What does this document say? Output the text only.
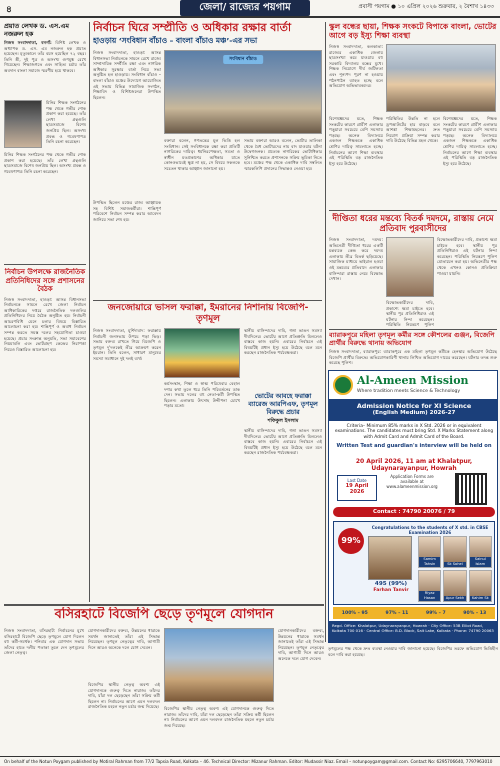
৪	জেলা/ রাজ্যের পয়গাম	প্রবাসী পয়গাম ● ১০ এপ্রিল ২০২৬ শুক্রবার, ২ বৈশাখ ১৪৩৩
প্রয়াত লেখক ড. এস.এম নজরুল হক

নিজস্ব সংবাদদাতা, বনগাঁ: বিশিষ্ট লেখক ও অধ্যাপক ড. এস. এম নজরুল হক প্রয়াত হয়েছেন। মৃত্যুকালে তাঁর বয়স হয়েছিল ৭২ বছর। তিনি স্ত্রী, দুই পুত্র ও অসংখ্য গুণমুগ্ধ রেখে গিয়েছেন। শিক্ষাজগতে এবং সাহিত্য চর্চায় তাঁর অবদান বাংলা সমাজে স্মরণীয় হয়ে থাকবে।

মিনির শিক্ষক সংগঠনের পক্ষ থেকে গভীর শোক প্রকাশ করা হয়েছে। তাঁর লেখা গ্রন্থগুলি ছাত্রসমাজে বিশেষ জনপ্রিয় ছিল। অসংখ্য প্রবন্ধ ও গবেষণাপত্র তিনি রচনা করেছেন।
মিনির শিক্ষক সংগঠনের পক্ষ থেকে গভীর শোক প্রকাশ করা হয়েছে। তাঁর লেখা গ্রন্থগুলি ছাত্রসমাজে বিশেষ জনপ্রিয় ছিল। অসংখ্য প্রবন্ধ ও গবেষণাপত্র তিনি রচনা করেছেন।
নির্বাচন উপলক্ষে রাজনৈতিক প্রতিনিধিদের সঙ্গে প্রশাসনের বৈঠক
নিজস্ব সংবাদদাতা, হাওড়া: আসন্ন বিধানসভা নির্বাচনকে সামনে রেখে জেলা নির্বাচন আধিকারিকের দপ্তরে রাজনৈতিক দলগুলির প্রতিনিধিদের নিয়ে বৈঠক অনুষ্ঠিত হয়। নির্বাচনী আচরণবিধি মেনে চলার বিষয়ে বিস্তারিত আলোচনা করা হয়। শান্তিপূর্ণ ও অবাধ নির্বাচন সম্পন্ন করতে সমস্ত দলের সহযোগিতা চাওয়া হয়েছে। প্রচার সংক্রান্ত অনুমতি, সভা সমাবেশের নিয়মাবলি এবং ভোটগ্রহণ কেন্দ্রের নিরাপত্তা নিয়েও বিস্তারিত আলোচনা হয়।
নির্বাচন ঘিরে সম্প্রীতি ও অধিকার রক্ষার বার্তা
হাওড়ায় ‘সংবিধান বাঁচাও – বাংলা বাঁচাও মঞ্চ’-এর সভা
সংবিধান বাঁচাও
নিজস্ব সংবাদদাতা, হাওড়া: আসন্ন বিধানসভা নির্বাচনকে সামনে রেখে রাজ্যে সাম্প্রদায়িক সম্প্রীতি রক্ষা এবং নাগরিক অধিকার সুরক্ষার বার্তা নিয়ে সভা অনুষ্ঠিত হল হাওড়ায়। সংবিধান বাঁচাও – বাংলা বাঁচাও মঞ্চের উদ্যোগে আয়োজিত এই সভায় বিভিন্ন সামাজিক সংগঠন, শিক্ষাবিদ ও বিশিষ্টজনেরা উপস্থিত ছিলেন।
বক্তারা বলেন, গণতন্ত্রের মূল ভিত্তি হল সংবিধান। সেই সংবিধানকে রক্ষা করা প্রতিটি নাগরিকের দায়িত্ব। ধর্মনিরপেক্ষতা, সমতা ও স্বাধীন মতপ্রকাশের অধিকার যাতে কোনওভাবেই ক্ষুণ্ণ না হয়, সে বিষয়ে সকলকে সচেতন থাকার আহ্বান জানানো হয়।
সভায় বক্তারা আরও বলেন, ভোটার তালিকা থেকে বৈধ ভোটারদের নাম বাদ যাওয়ার ঘটনা উদ্বেগজনক। প্রত্যেক নাগরিকের ভোটাধিকার সুনিশ্চিত করতে প্রশাসনকে সক্রিয় ভূমিকা নিতে হবে। মঞ্চের পক্ষ থেকে একাধিক দাবি সম্বলিত স্মারকলিপি প্রদানের সিদ্ধান্তও নেওয়া হয়।
উপস্থিত ছিলেন মঞ্চের রাজ্য আহ্বায়ক সহ বিশিষ্ট সমাজকর্মীরা। শান্তিপূর্ণ পরিবেশে নির্বাচন সম্পন্ন করার আবেদন জানিয়ে সভা শেষ হয়।
জনজোয়ারে ভাসল ফরাক্কা, ইমরানের নিশানায় বিজেপি-তৃণমূল
নিজস্ব সংবাদদাতা, মুর্শিদাবাদ: ফরাক্কায় নির্বাচনী জনসভায় উপচে পড়া ভিড়। সভায় বক্তব্য রাখতে গিয়ে বিজেপি ও তৃণমূল দু'দলকেই তীব্র আক্রমণ করেন ইমরান। তিনি বলেন, সাধারণ মানুষের সমস্যা সমাধানে দুই দলই ব্যর্থ।
কর্মসংস্থান, শিক্ষা ও স্বাস্থ্য পরিষেবার বেহাল দশার কথা তুলে ধরে তিনি পরিবর্তনের ডাক দেন। সভায় দলের বহু নেতা-কর্মী উপস্থিত ছিলেন। এলাকায় উৎসাহ উদ্দীপনা চোখে পড়ার মতো।
স্থানীয় বাসিন্দাদের দাবি, গঙ্গা ভাঙন সমস্যা দীর্ঘদিনের। ভোটের আগে প্রতিশ্রুতি মিললেও বাস্তবে কাজ হয়নি। এবারের নির্বাচনে এই বিষয়টিই প্রধান ইস্যু হয়ে উঠেছে বলে মনে করছেন রাজনৈতিক পর্যবেক্ষকরা।
ভোটের আবহে ফরাক্কা ব্যারেজ আরপিএফ, তৃণমূল বিরুদ্ধে প্রচার
শফিকুল ইসলাম
স্থানীয় বাসিন্দাদের দাবি, গঙ্গা ভাঙন সমস্যা দীর্ঘদিনের। ভোটের আগে প্রতিশ্রুতি মিললেও বাস্তবে কাজ হয়নি। এবারের নির্বাচনে এই বিষয়টিই প্রধান ইস্যু হয়ে উঠেছে বলে মনে করছেন রাজনৈতিক পর্যবেক্ষকরা।
স্কুল বন্ধের ছায়া, শিক্ষক সংকটে বিপাকে বাংলা, ভোটের আগে বড় ইস্যু শিক্ষা ব্যবস্থা
নিজস্ব সংবাদদাতা, কলকাতা: রাজ্যের একাধিক জেলায় ছাত্রসংখ্যা কমে যাওয়ায় বহু সরকারি বিদ্যালয় বন্ধের মুখে। শিক্ষক নিয়োগে দীর্ঘ জটিলতা এবং শূন্যপদ পূরণ না হওয়ায় পঠনপাঠন ব্যাহত হচ্ছে বলে অভিযোগ অভিভাবকদের।
বিশেষজ্ঞদের মতে, শিক্ষক সংকটের কারণে গ্রামীণ এলাকার পড়ুয়ারা সবচেয়ে বেশি সমস্যায় পড়ছে। অনেক বিদ্যালয়ে একজন শিক্ষককে একাধিক শ্রেণির দায়িত্ব সামলাতে হচ্ছে। নির্বাচনের আগে শিক্ষা ব্যবস্থার এই পরিস্থিতি বড় রাজনৈতিক ইস্যু হয়ে উঠেছে।
পরিস্থিতির উন্নতি না হলে ড্রপআউটের হার বাড়বে বলে আশঙ্কা শিক্ষামহলের। দ্রুত নিয়োগ প্রক্রিয়া সম্পন্ন করার দাবি উঠেছে বিভিন্ন মহল থেকে।
বিশেষজ্ঞদের মতে, শিক্ষক সংকটের কারণে গ্রামীণ এলাকার পড়ুয়ারা সবচেয়ে বেশি সমস্যায় পড়ছে। অনেক বিদ্যালয়ে একজন শিক্ষককে একাধিক শ্রেণির দায়িত্ব সামলাতে হচ্ছে। নির্বাচনের আগে শিক্ষা ব্যবস্থার এই পরিস্থিতি বড় রাজনৈতিক ইস্যু হয়ে উঠেছে।
দীপ্তিতা ধরের মন্তব্যে বিতর্ক দমদমে, রাস্তায় নেমে প্রতিবাদ পুরবাসীদের
নিজস্ব সংবাদদাতা, দমদম: অভিনেত্রী দীপ্তিতা ধরের একটি মন্তব্যকে কেন্দ্র করে দমদম এলাকায় তীব্র বিতর্ক ছড়িয়েছে। সামাজিক মাধ্যমে ভাইরাল হওয়া ওই মন্তব্যের প্রতিবাদে এলাকার বাসিন্দারা রাস্তায় নেমে বিক্ষোভ দেখান।
বিক্ষোভকারীদের দাবি, প্রকাশ্যে ক্ষমা চাইতে হবে। স্থানীয় পুর প্রতিনিধিরাও এই ঘটনার নিন্দা করেছেন। পরিস্থিতি নিয়ন্ত্রণে পুলিশ মোতায়েন করা হয়। অভিনেত্রীর পক্ষ থেকে এখনও কোনও প্রতিক্রিয়া পাওয়া যায়নি।
বিক্ষোভকারীদের দাবি, প্রকাশ্যে ক্ষমা চাইতে হবে। স্থানীয় পুর প্রতিনিধিরাও এই ঘটনার নিন্দা করেছেন। পরিস্থিতি নিয়ন্ত্রণে পুলিশ
ব্যারাকপুরে মহিলা তৃণমূল কর্মীর সঙ্গে কৌশলের গুঞ্জন, বিজেপি প্রার্থীর বিরুদ্ধে থানায় অভিযোগ
নিজস্ব সংবাদদাতা, ব্যারাকপুর: ব্যারাকপুরে এক মহিলা তৃণমূল কর্মীকে হেনস্থার অভিযোগ উঠেছে বিজেপি প্রার্থীর বিরুদ্ধে। অভিযোগকারিণী থানায় লিখিত অভিযোগ দায়ের করেছেন। ঘটনার তদন্ত শুরু করেছে পুলিশ।
Al-Ameen Mission
Where tradition meets Science & Technology
Admission Notice for XI Science
(English Medium) 2026-27
Criteria– Minimum 85% marks in X Std. 2026 or in equivalent examinations. The candidates must bring Std. X Marks Statement along with Admit Card and Admit Card of the Board.
Written Test and guardian's interview will be held on
20 April 2026, 11 am at Khalatpur, Udaynarayanpur, Howrah
Last Date
19 April 2026
Application Forms are available at www.alameenmission.org
Contact : 74790 20076 / 79
99%
Congratulations to the students of X std. in CBSE Examination 2026
495 (99%)
Farhan Tanvir
Samim Tahsin	Sk Sohel
Sainul Islam
Riyaz Hasan	Apur Sekh	Kahim Sk
100% – 95	97% – 11	99% – 7	90% – 13
Regd. Office: Khalatpur, Udaynarayanpur, Howrah · City Office: 53B Elliot Road, Kolkata 700 016 · Central Office: B.D. Block, Salt Lake, Kolkata · Phone: 74790 20063
বসিরহাটে বিজেপি ছেড়ে তৃণমূলে যোগদান
নিজস্ব সংবাদদাতা, বসিরহাট: নির্বাচনের মুখে বসিরহাটে বিজেপি ছেড়ে তৃণমূলে যোগ দিলেন বহু কর্মী-সমর্থক। শনিবার এক যোগদান সভায় তাঁদের হাতে দলীয় পতাকা তুলে দেন তৃণমূলের জেলা নেতৃত্ব।
যোগদানকারীদের বক্তব্য, উন্নয়নের ধারাকে সমর্থন জানাতেই তাঁরা এই সিদ্ধান্ত নিয়েছেন। তৃণমূল নেতৃত্বের দাবি, আগামী দিনে আরও অনেকে দলে যোগ দেবেন।
বিজেপির স্থানীয় নেতৃত্ব অবশ্য এই যোগদানকে গুরুত্ব দিতে নারাজ। তাঁদের দাবি, যাঁরা দল ছেড়েছেন তাঁরা সক্রিয় কর্মী ছিলেন না। নির্বাচনের আগে এমন দলবদল রাজনৈতিক মহলে নতুন চর্চার জন্ম দিয়েছে। বিজেপির স্থানীয় নেতৃত্ব অবশ্য এই যোগদানকে গুরুত্ব দিতে নারাজ। তাঁদের দাবি, যাঁরা দল ছেড়েছেন তাঁরা সক্রিয় কর্মী ছিলেন না। নির্বাচনের আগে এমন দলবদল রাজনৈতিক মহলে নতুন চর্চার জন্ম দিয়েছে।
যোগদানকারীদের বক্তব্য, উন্নয়নের ধারাকে সমর্থন জানাতেই তাঁরা এই সিদ্ধান্ত নিয়েছেন। তৃণমূল নেতৃত্বের দাবি, আগামী দিনে আরও অনেকে দলে যোগ দেবেন।
তৃণমূলের পক্ষ থেকে দ্রুত ব্যবস্থা নেওয়ার দাবি জানানো হয়েছে। বিজেপির তরফে অভিযোগ ভিত্তিহীন বলে দাবি করা হয়েছে।
On behalf of the Notun Poygam published by Motiral Rahman from 77/2 Tapsia Road, Kolkata – 46. Technical Director: Mizanur Rahman. Editor: Mudassir Niaz. Email – notunpoygam@gmail.com. Contact No: 6295706640, 7797963010
